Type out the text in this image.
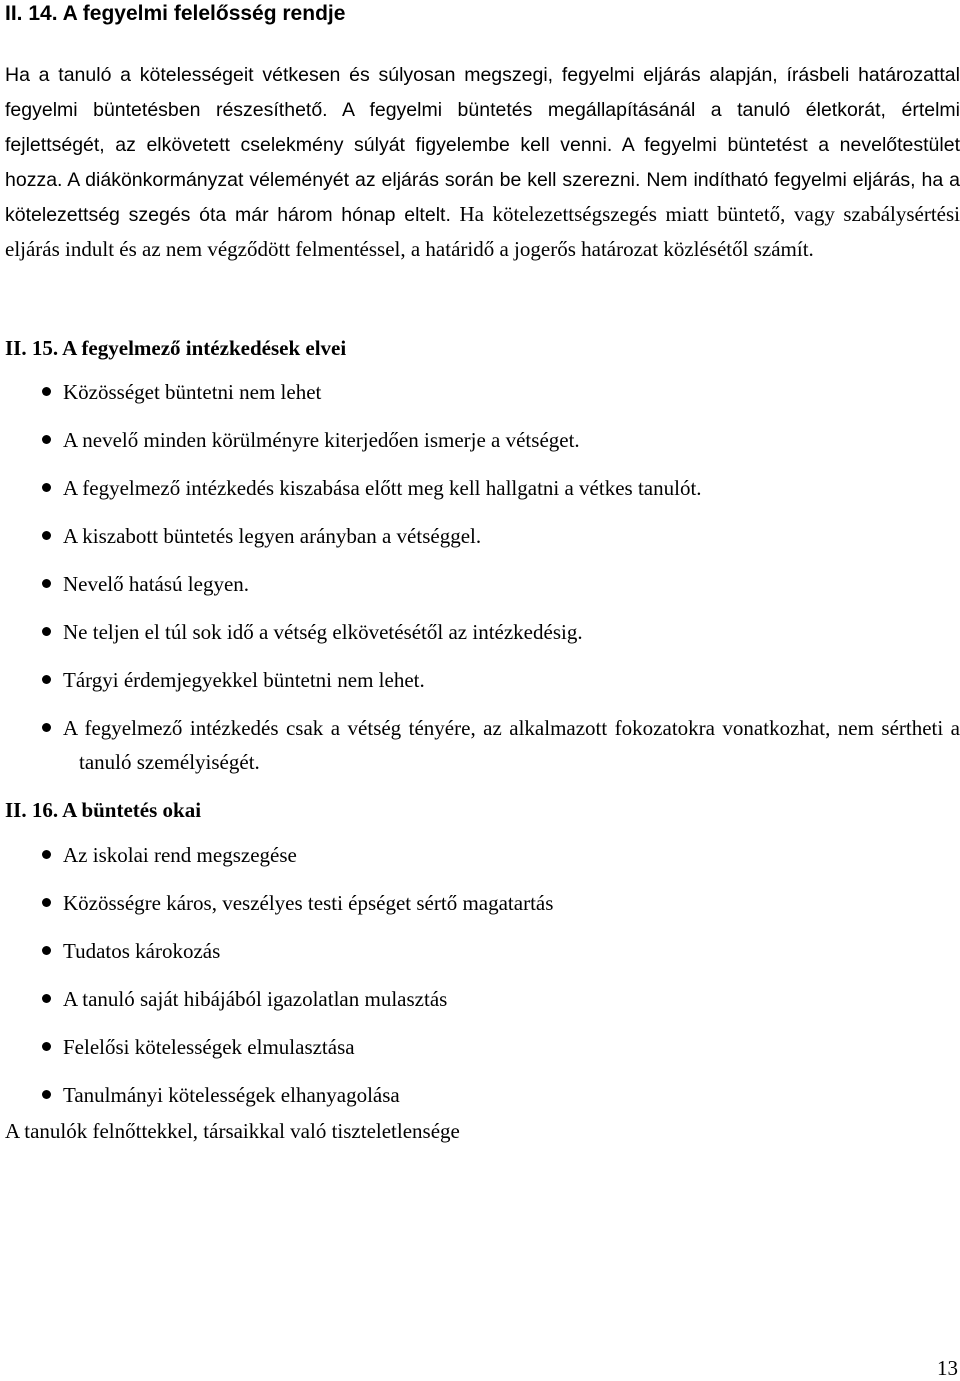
II. 14. A fegyelmi felelősség rendje

Ha a tanuló a kötelességeit vétkesen és súlyosan megszegi, fegyelmi eljárás alapján, írásbeli határozattal fegyelmi büntetésben részesíthető. A fegyelmi büntetés megállapításánál a tanuló életkorát, értelmi fejlettségét, az elkövetett cselekmény súlyát figyelembe kell venni. A fegyelmi büntetést a nevelőtestület hozza. A diákönkormányzat véleményét az eljárás során be kell szerezni. Nem indítható fegyelmi eljárás, ha a kötelezettség szegés óta már három hónap eltelt. Ha kötelezettségszegés miatt büntető, vagy szabálysértési eljárás indult és az nem végződött felmentéssel, a határidő a jogerős határozat közlésétől számít.

II. 15. A fegyelmező intézkedések elvei
Közösséget büntetni nem lehet
A nevelő minden körülményre kiterjedően ismerje a vétséget.
A fegyelmező intézkedés kiszabása előtt meg kell hallgatni a vétkes tanulót.
A kiszabott büntetés legyen arányban a vétséggel.
Nevelő hatású legyen.
Ne teljen el túl sok idő a vétség elkövetésétől az intézkedésig.
Tárgyi érdemjegyekkel büntetni nem lehet.
A fegyelmező intézkedés csak a vétség tényére, az alkalmazott fokozatokra vonatkozhat, nem sértheti a tanuló személyiségét.
II. 16. A büntetés okai
Az iskolai rend megszegése
Közösségre káros, veszélyes testi épséget sértő magatartás
Tudatos károkozás
A tanuló saját hibájából igazolatlan mulasztás
Felelősi kötelességek elmulasztása
Tanulmányi kötelességek elhanyagolása
A tanulók felnőttekkel, társaikkal való tiszteletlensége
13
